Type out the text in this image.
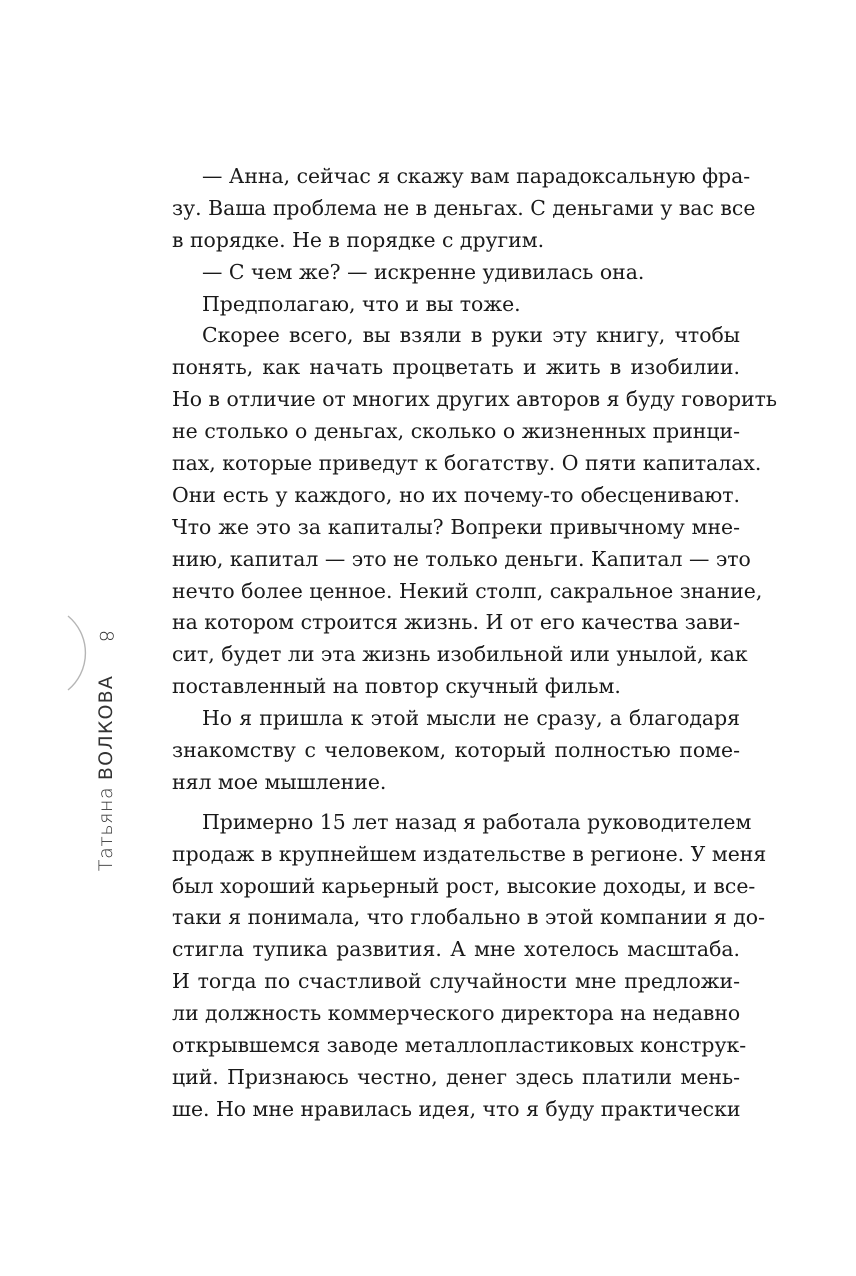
8
Татьяна ВОЛКОВА
— Анна, сейчас я скажу вам парадоксальную фра-
зу. Ваша проблема не в деньгах. С деньгами у вас все
в порядке. Не в порядке с другим.
— С чем же? — искренне удивилась она.
Предполагаю, что и вы тоже.
Скорее всего, вы взяли в руки эту книгу, чтобы
понять, как начать процветать и жить в изобилии.
Но в отличие от многих других авторов я буду говорить
не столько о деньгах, сколько о жизненных принци-
пах, которые приведут к богатству. О пяти капиталах.
Они есть у каждого, но их почему-то обесценивают.
Что же это за капиталы? Вопреки привычному мне-
нию, капитал — это не только деньги. Капитал — это
нечто более ценное. Некий столп, сакральное знание,
на котором строится жизнь. И от его качества зави-
сит, будет ли эта жизнь изобильной или унылой, как
поставленный на повтор скучный фильм.
Но я пришла к этой мысли не сразу, а благодаря
знакомству с человеком, который полностью поме-
нял мое мышление.
Примерно 15 лет назад я работала руководителем
продаж в крупнейшем издательстве в регионе. У меня
был хороший карьерный рост, высокие доходы, и все-
таки я понимала, что глобально в этой компании я до-
стигла тупика развития. А мне хотелось масштаба.
И тогда по счастливой случайности мне предложи-
ли должность коммерческого директора на недавно
открывшемся заводе металлопластиковых конструк-
ций. Признаюсь честно, денег здесь платили мень-
ше. Но мне нравилась идея, что я буду практически
